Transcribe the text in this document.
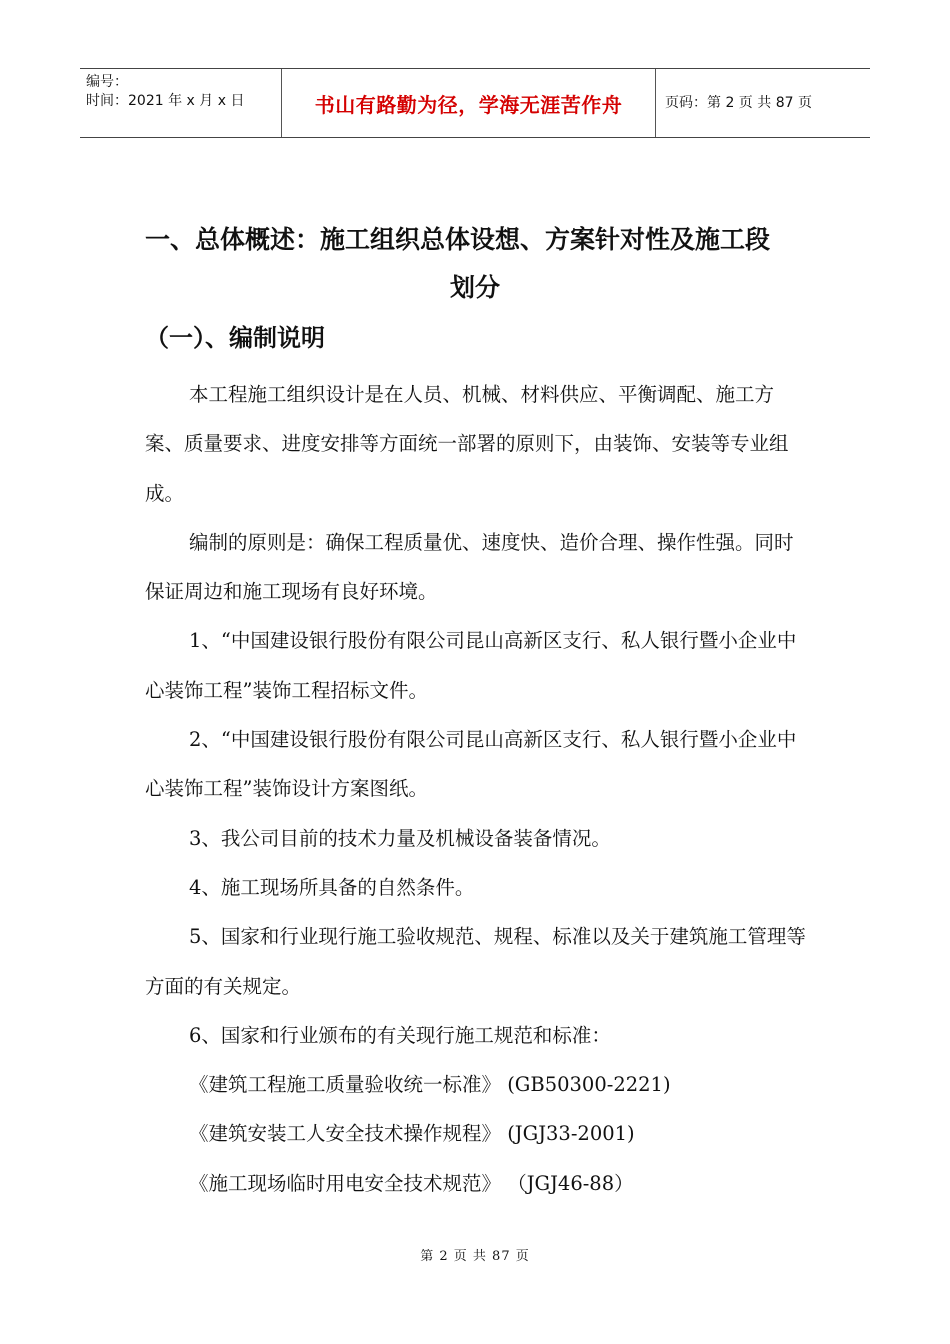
编号：
时间：2021 年 x 月 x 日	书山有路勤为径，学海无涯苦作舟	页码：第 2 页 共 87 页
一、总体概述：施工组织总体设想、方案针对性及施工段
划分
（一）、编制说明

本工程施工组织设计是在人员、机械、材料供应、平衡调配、施工方案、质量要求、进度安排等方面统一部署的原则下，由装饰、安装等专业组成。

编制的原则是：确保工程质量优、速度快、造价合理、操作性强。同时保证周边和施工现场有良好环境。

1、“中国建设银行股份有限公司昆山高新区支行、私人银行暨小企业中心装饰工程”装饰工程招标文件。

2、“中国建设银行股份有限公司昆山高新区支行、私人银行暨小企业中心装饰工程”装饰设计方案图纸。

3、我公司目前的技术力量及机械设备装备情况。

4、施工现场所具备的自然条件。

5、国家和行业现行施工验收规范、规程、标准以及关于建筑施工管理等方面的有关规定。

6、国家和行业颁布的有关现行施工规范和标准：

《建筑工程施工质量验收统一标准》 (GB50300-2221)

《建筑安装工人安全技术操作规程》 (JGJ33-2001)

《施工现场临时用电安全技术规范》 （JGJ46-88）

第 2 页 共 87 页
